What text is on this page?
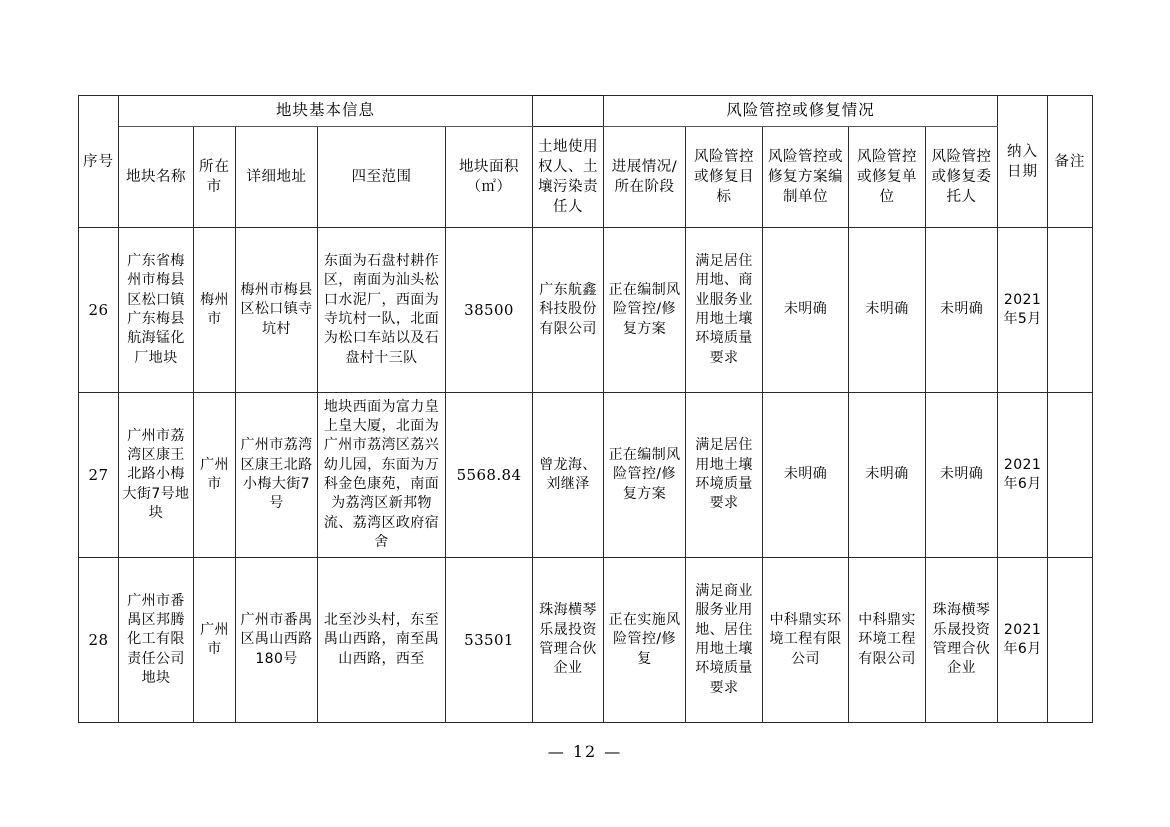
序号	地块基本信息						风险管控或修复情况					纳入日期	备注
	地块名称	所在市	详细地址	四至范围	地块面积（㎡）	土地使用权人、土壤污染责任人	进展情况/所在阶段	风险管控或修复目标	风险管控或修复方案编制单位	风险管控或修复单位	风险管控或修复委托人		
26	广东省梅州市梅县区松口镇广东梅县航海锰化厂地块	梅州市	梅州市梅县区松口镇寺坑村	东面为石盘村耕作区，南面为汕头松口水泥厂，西面为寺坑村一队，北面为松口车站以及石盘村十三队	38500	广东航鑫科技股份有限公司	正在编制风险管控/修复方案	满足居住用地、商业服务业用地土壤环境质量要求	未明确	未明确	未明确	2021年5月	
27	广州市荔湾区康王北路小梅大街7号地块	广州市	广州市荔湾区康王北路小梅大街7号	地块西面为富力皇上皇大厦，北面为广州市荔湾区荔兴幼儿园，东面为万科金色康苑，南面为荔湾区新邦物流、荔湾区政府宿舍	5568.84	曾龙海、刘继泽	正在编制风险管控/修复方案	满足居住用地土壤环境质量要求	未明确	未明确	未明确	2021年6月	
28	广州市番禺区邦腾化工有限责任公司地块	广州市	广州市番禺区禺山西路180号	北至沙头村，东至禺山西路，南至禺山西路，西至	53501	珠海横琴乐晟投资管理合伙企业	正在实施风险管控/修复	满足商业服务业用地、居住用地土壤环境质量要求	中科鼎实环境工程有限公司	中科鼎实环境工程有限公司	珠海横琴乐晟投资管理合伙企业	2021年6月	
— 12 —
